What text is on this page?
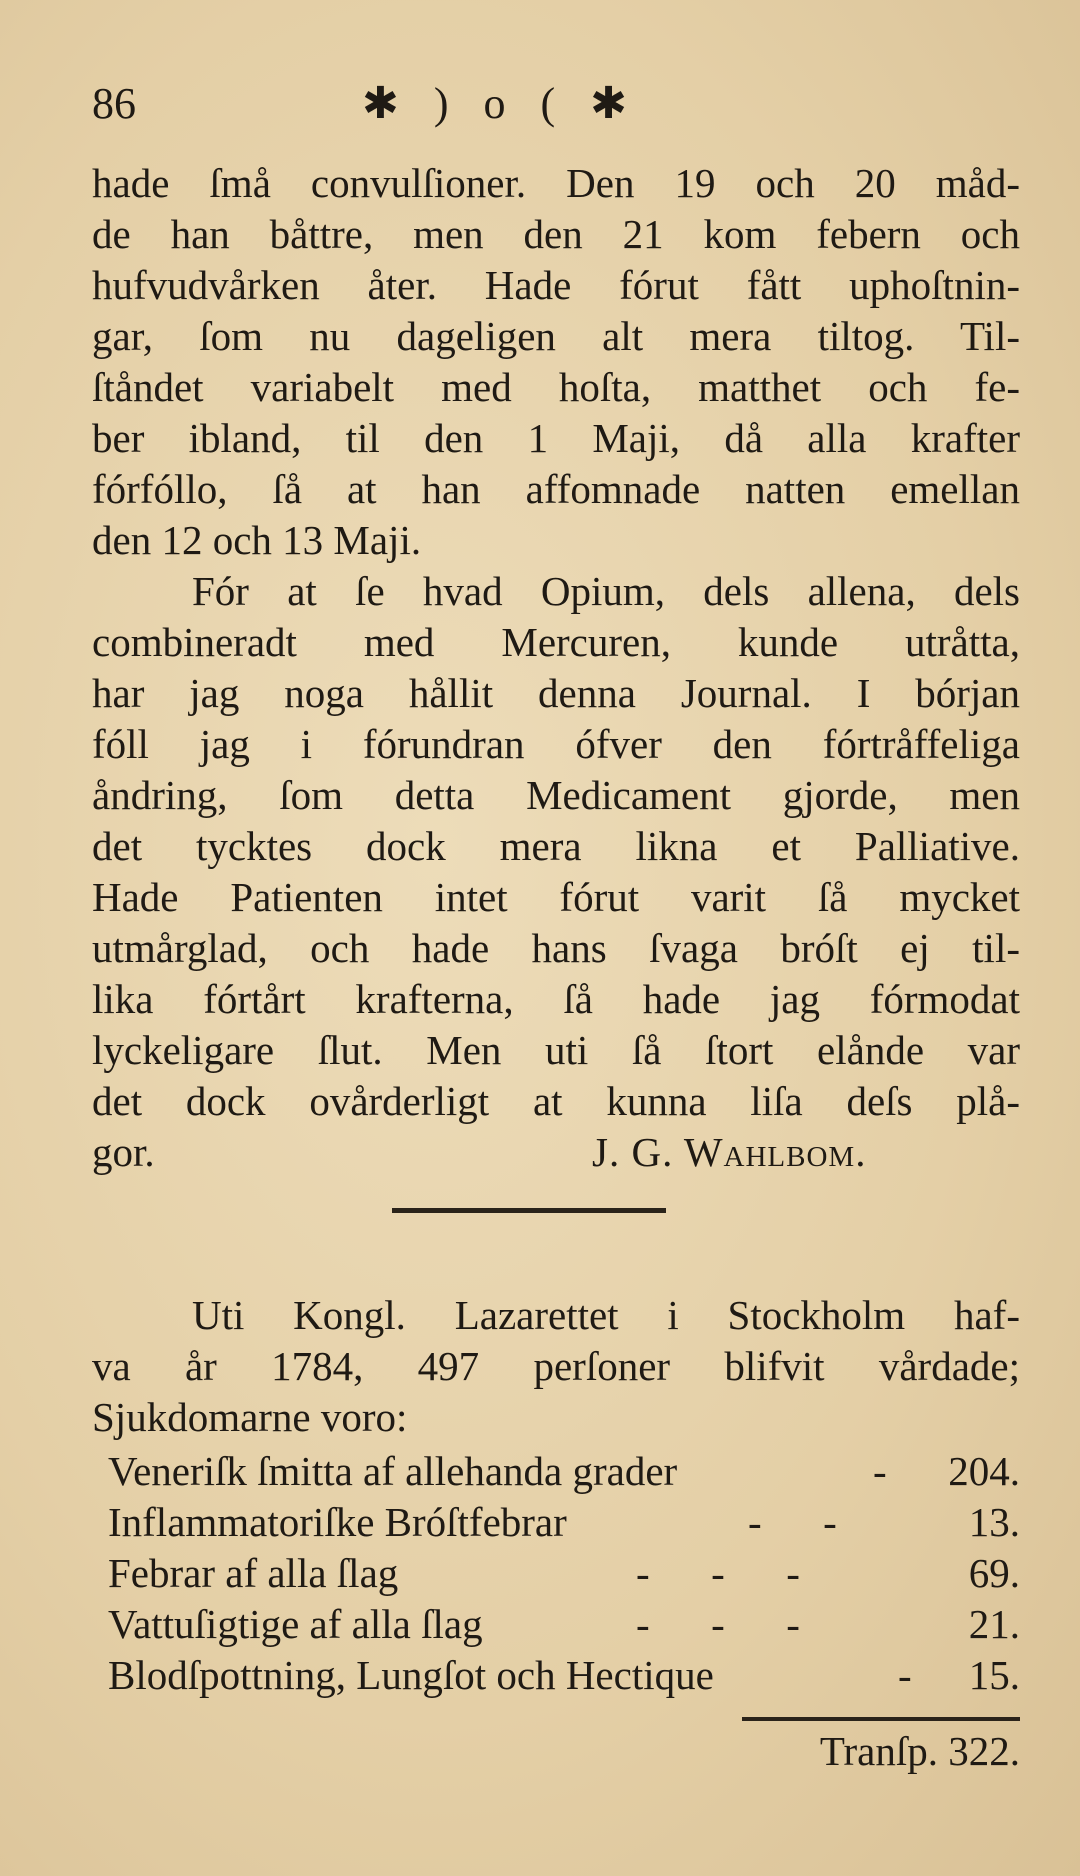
86	✱ ) o ( ✱
hade ſmå convulſioner. Den 19 och 20 måd-
de han båttre, men den 21 kom febern och
hufvudvårken åter. Hade fórut fått uphoſtnin-
gar, ſom nu dageligen alt mera tiltog. Til-
ſtåndet variabelt med hoſta, matthet och fe-
ber ibland, til den 1 Maji, då alla krafter
fórfóllo, ſå at han affomnade natten emellan
den 12 och 13 Maji.
Fór at ſe hvad Opium, dels allena, dels
combineradt med Mercuren, kunde utråtta,
har jag noga hållit denna Journal. I bórjan
fóll jag i fórundran ófver den fórtråffeliga
åndring, ſom detta Medicament gjorde, men
det tycktes dock mera likna et Palliative.
Hade Patienten intet fórut varit ſå mycket
utmårglad, och hade hans ſvaga bróſt ej til-
lika fórtårt krafterna, ſå hade jag fórmodat
lyckeligare ſlut. Men uti ſå ſtort elånde var
det dock ovårderligt at kunna liſa deſs plå-
gor.	J. G. Wahlbom.
Uti Kongl. Lazarettet i Stockholm haf-
va år 1784, 497 perſoner blifvit vårdade;
Sjukdomarne voro:
Veneriſk ſmitta af allehanda grader	- 204.
Inflammatoriſke Bróſtfebrar	-      -	13.
Febrar af alla ſlag	-      -      -	69.
Vattuſigtige af alla ſlag	-      -      -	21.
Blodſpottning, Lungſot och Hectique	- 15.
Tranſp. 322.
